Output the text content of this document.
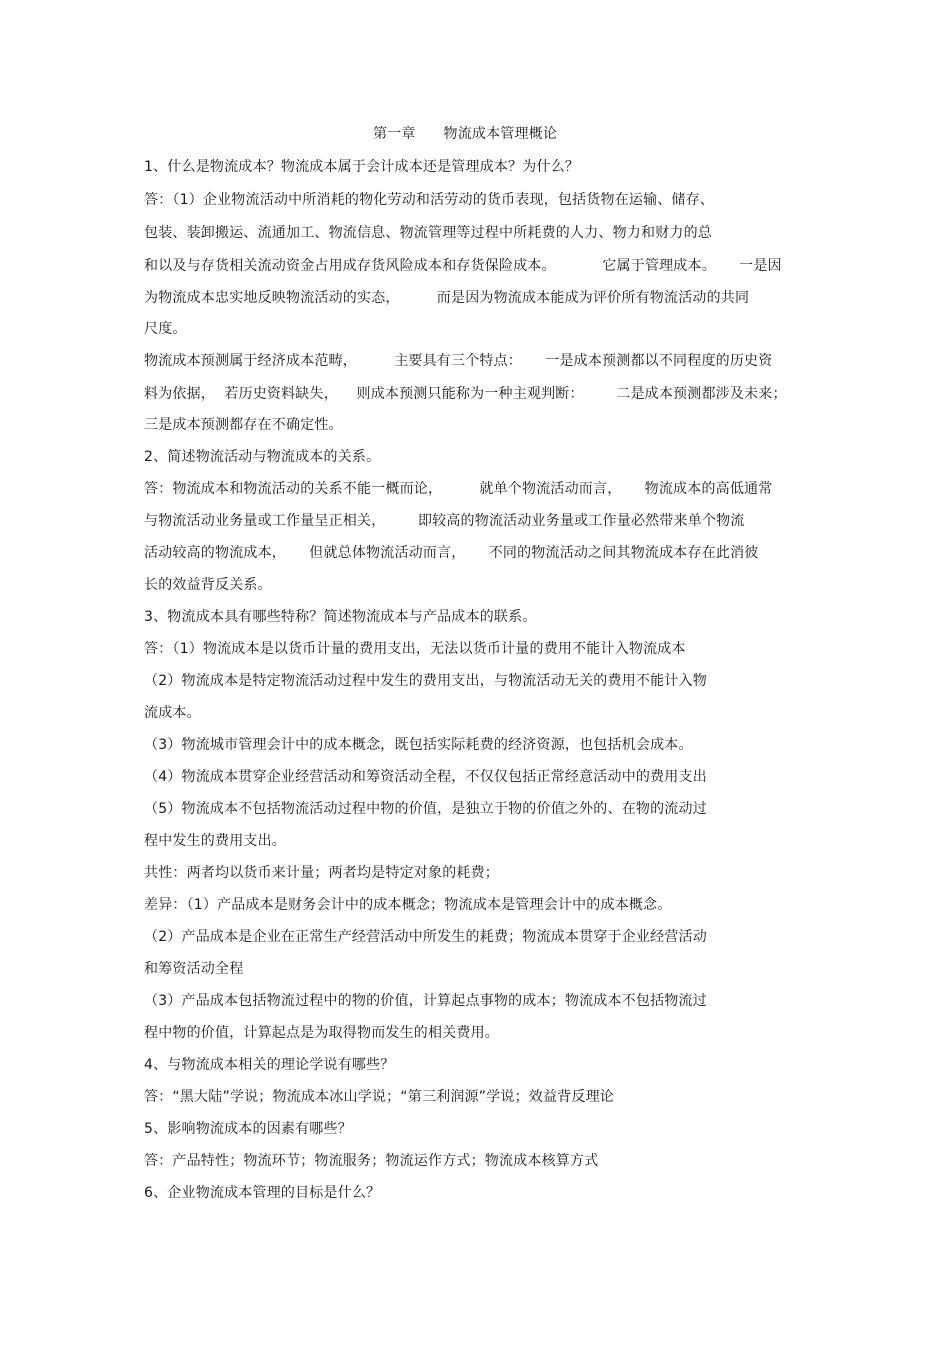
第一章      物流成本管理概论
1、什么是物流成本？物流成本属于会计成本还是管理成本？为什么？
答：（1）企业物流活动中所消耗的物化劳动和活劳动的货币表现，包括货物在运输、储存、
包装、装卸搬运、流通加工、物流信息、物流管理等过程中所耗费的人力、物力和财力的总
和以及与存货相关流动资金占用成存货风险成本和存货保险成本。          它属于管理成本。     一是因
为物流成本忠实地反映物流活动的实态，        而是因为物流成本能成为评价所有物流活动的共同
尺度。
物流成本预测属于经济成本范畴，        主要具有三个特点：     一是成本预测都以不同程度的历史资
料为依据，  若历史资料缺失，    则成本预测只能称为一种主观判断：       二是成本预测都涉及未来；
三是成本预测都存在不确定性。
2、简述物流活动与物流成本的关系。
答：物流成本和物流活动的关系不能一概而论，        就单个物流活动而言，     物流成本的高低通常
与物流活动业务量或工作量呈正相关，       即较高的物流活动业务量或工作量必然带来单个物流
活动较高的物流成本，     但就总体物流活动而言，     不同的物流活动之间其物流成本存在此消彼
长的效益背反关系。
3、物流成本具有哪些特称？简述物流成本与产品成本的联系。
答：（1）物流成本是以货币计量的费用支出，无法以货币计量的费用不能计入物流成本
（2）物流成本是特定物流活动过程中发生的费用支出，与物流活动无关的费用不能计入物
流成本。
（3）物流城市管理会计中的成本概念，既包括实际耗费的经济资源，也包括机会成本。
（4）物流成本贯穿企业经营活动和筹资活动全程，不仅仅包括正常经意活动中的费用支出
（5）物流成本不包括物流活动过程中物的价值，是独立于物的价值之外的、在物的流动过
程中发生的费用支出。
共性：两者均以货币来计量；两者均是特定对象的耗费；
差异：（1）产品成本是财务会计中的成本概念；物流成本是管理会计中的成本概念。
（2）产品成本是企业在正常生产经营活动中所发生的耗费；物流成本贯穿于企业经营活动
和筹资活动全程
（3）产品成本包括物流过程中的物的价值，计算起点事物的成本；物流成本不包括物流过
程中物的价值，计算起点是为取得物而发生的相关费用。
4、与物流成本相关的理论学说有哪些？
答：“黑大陆”学说；物流成本冰山学说；“第三利润源”学说；效益背反理论
5、影响物流成本的因素有哪些？
答：产品特性；物流环节；物流服务；物流运作方式；物流成本核算方式
6、企业物流成本管理的目标是什么？
